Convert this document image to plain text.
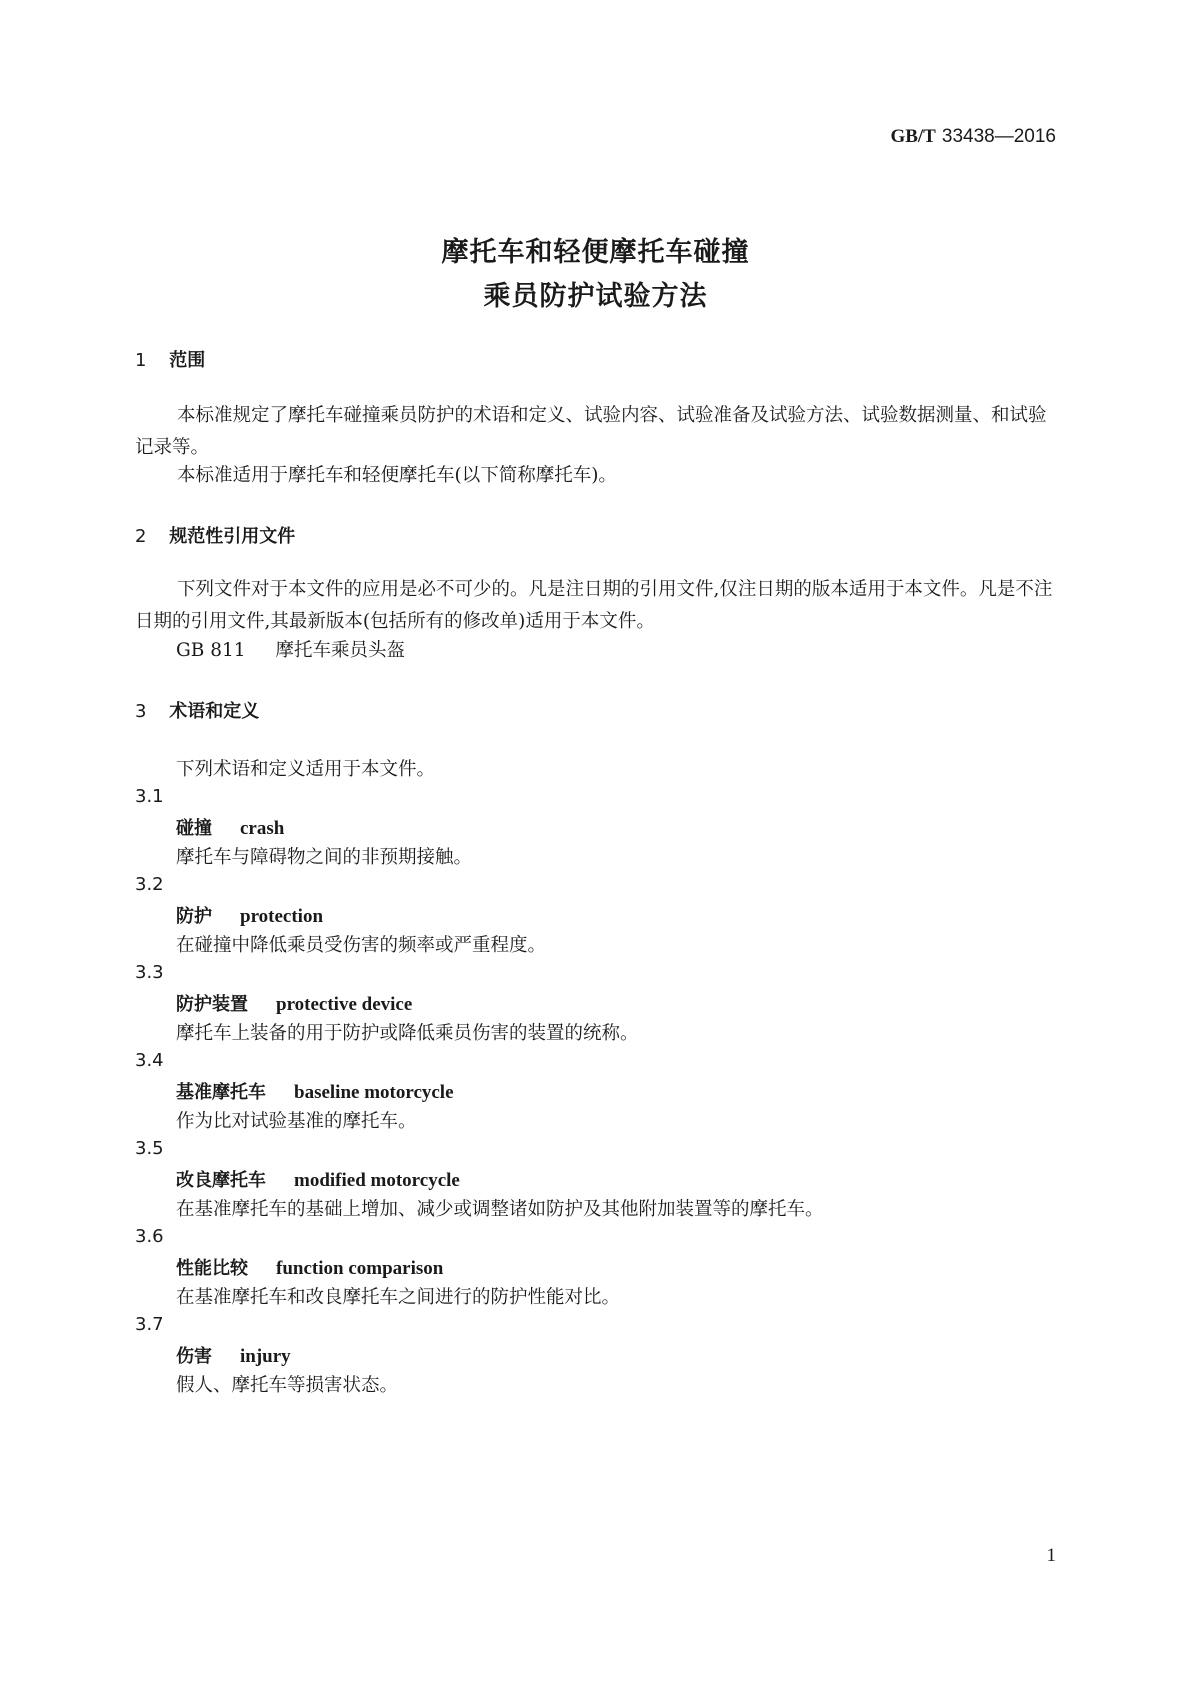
GB/T 33438—2016
摩托车和轻便摩托车碰撞
乘员防护试验方法
1 范围
本标准规定了摩托车碰撞乘员防护的术语和定义、试验内容、试验准备及试验方法、试验数据测量、和试验记录等。
本标准适用于摩托车和轻便摩托车(以下简称摩托车)。
2 规范性引用文件
下列文件对于本文件的应用是必不可少的。凡是注日期的引用文件,仅注日期的版本适用于本文件。凡是不注日期的引用文件,其最新版本(包括所有的修改单)适用于本文件。
GB 811 摩托车乘员头盔
3 术语和定义
下列术语和定义适用于本文件。
3.1
碰撞 crash
摩托车与障碍物之间的非预期接触。
3.2
防护 protection
在碰撞中降低乘员受伤害的频率或严重程度。
3.3
防护装置 protective device
摩托车上装备的用于防护或降低乘员伤害的装置的统称。
3.4
基准摩托车 baseline motorcycle
作为比对试验基准的摩托车。
3.5
改良摩托车 modified motorcycle
在基准摩托车的基础上增加、减少或调整诸如防护及其他附加装置等的摩托车。
3.6
性能比较 function comparison
在基准摩托车和改良摩托车之间进行的防护性能对比。
3.7
伤害 injury
假人、摩托车等损害状态。
1
